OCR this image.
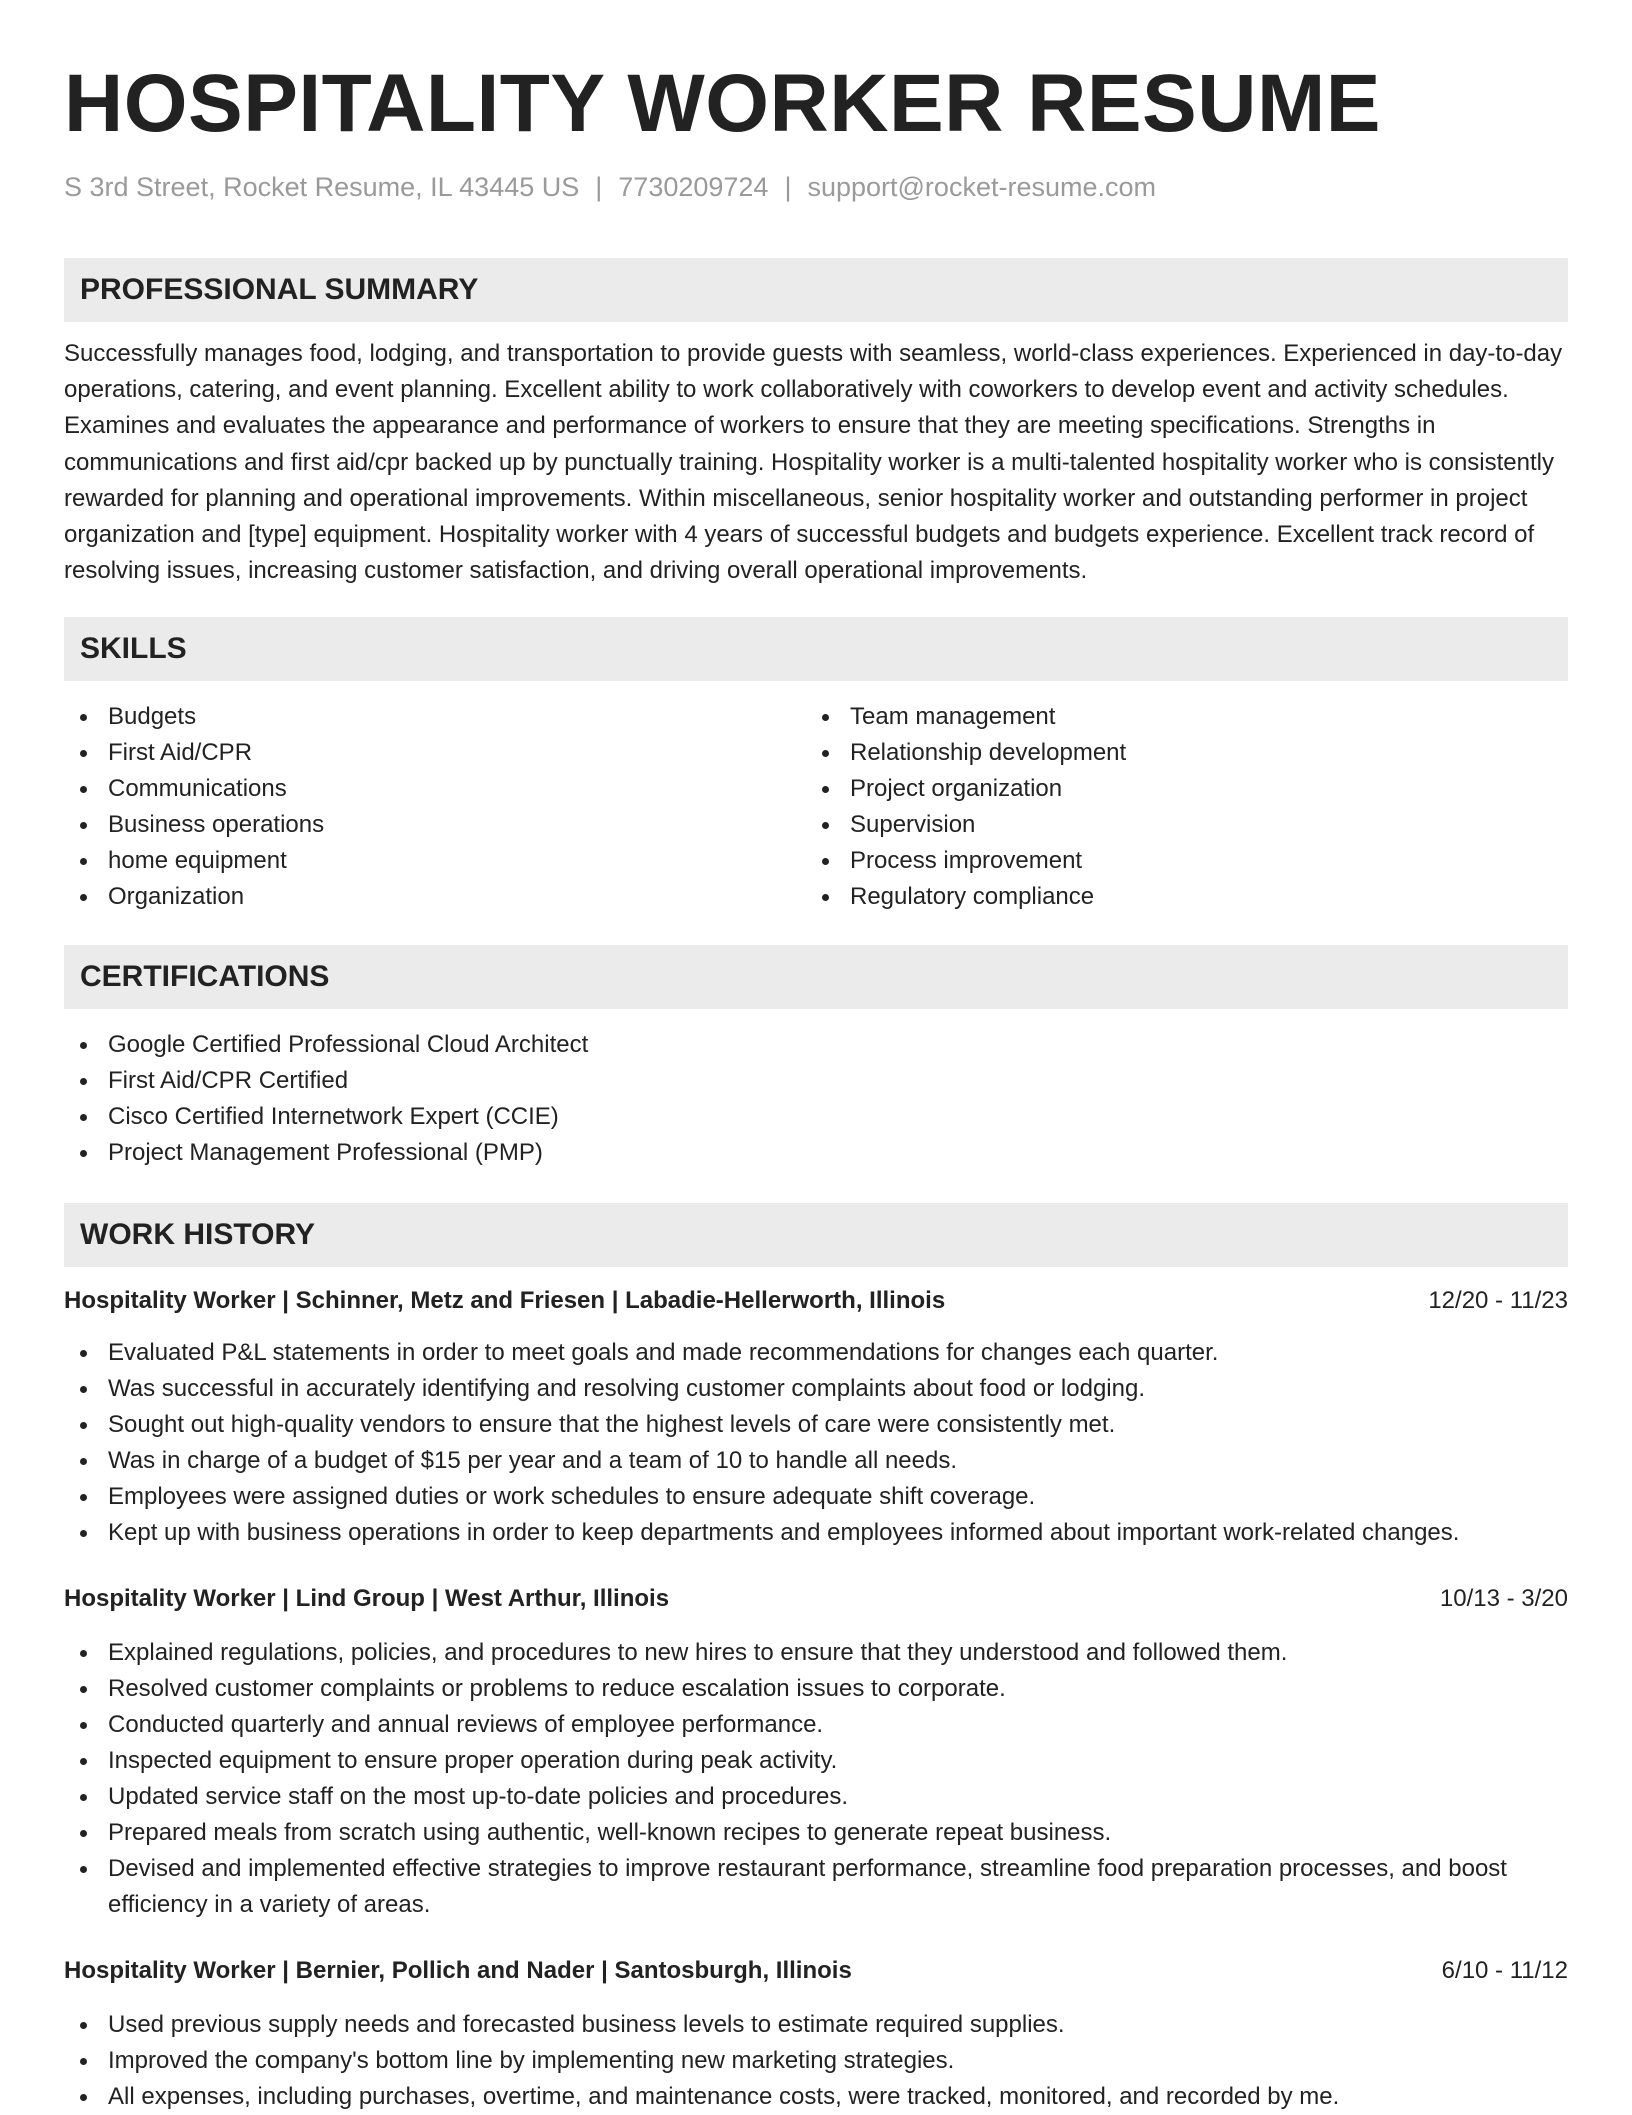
HOSPITALITY WORKER RESUME
S 3rd Street, Rocket Resume, IL 43445 US | 7730209724 | support@rocket-resume.com
PROFESSIONAL SUMMARY

Successfully manages food, lodging, and transportation to provide guests with seamless, world-class experiences. Experienced in day-to-day operations, catering, and event planning. Excellent ability to work collaboratively with coworkers to develop event and activity schedules. Examines and evaluates the appearance and performance of workers to ensure that they are meeting specifications. Strengths in communications and first aid/cpr backed up by punctually training. Hospitality worker is a multi-talented hospitality worker who is consistently rewarded for planning and operational improvements. Within miscellaneous, senior hospitality worker and outstanding performer in project organization and [type] equipment. Hospitality worker with 4 years of successful budgets and budgets experience. Excellent track record of resolving issues, increasing customer satisfaction, and driving overall operational improvements.

SKILLS
Budgets
First Aid/CPR
Communications
Business operations
home equipment
Organization
Team management
Relationship development
Project organization
Supervision
Process improvement
Regulatory compliance
CERTIFICATIONS
Google Certified Professional Cloud Architect
First Aid/CPR Certified
Cisco Certified Internetwork Expert (CCIE)
Project Management Professional (PMP)
WORK HISTORY
Hospitality Worker | Schinner, Metz and Friesen | Labadie-Hellerworth, Illinois	12/20 - 11/23
Evaluated P&L statements in order to meet goals and made recommendations for changes each quarter.
Was successful in accurately identifying and resolving customer complaints about food or lodging.
Sought out high-quality vendors to ensure that the highest levels of care were consistently met.
Was in charge of a budget of $15 per year and a team of 10 to handle all needs.
Employees were assigned duties or work schedules to ensure adequate shift coverage.
Kept up with business operations in order to keep departments and employees informed about important work-related changes.
Hospitality Worker | Lind Group | West Arthur, Illinois	10/13 - 3/20
Explained regulations, policies, and procedures to new hires to ensure that they understood and followed them.
Resolved customer complaints or problems to reduce escalation issues to corporate.
Conducted quarterly and annual reviews of employee performance.
Inspected equipment to ensure proper operation during peak activity.
Updated service staff on the most up-to-date policies and procedures.
Prepared meals from scratch using authentic, well-known recipes to generate repeat business.
Devised and implemented effective strategies to improve restaurant performance, streamline food preparation processes, and boost efficiency in a variety of areas.
Hospitality Worker | Bernier, Pollich and Nader | Santosburgh, Illinois	6/10 - 11/12
Used previous supply needs and forecasted business levels to estimate required supplies.
Improved the company's bottom line by implementing new marketing strategies.
All expenses, including purchases, overtime, and maintenance costs, were tracked, monitored, and recorded by me.
